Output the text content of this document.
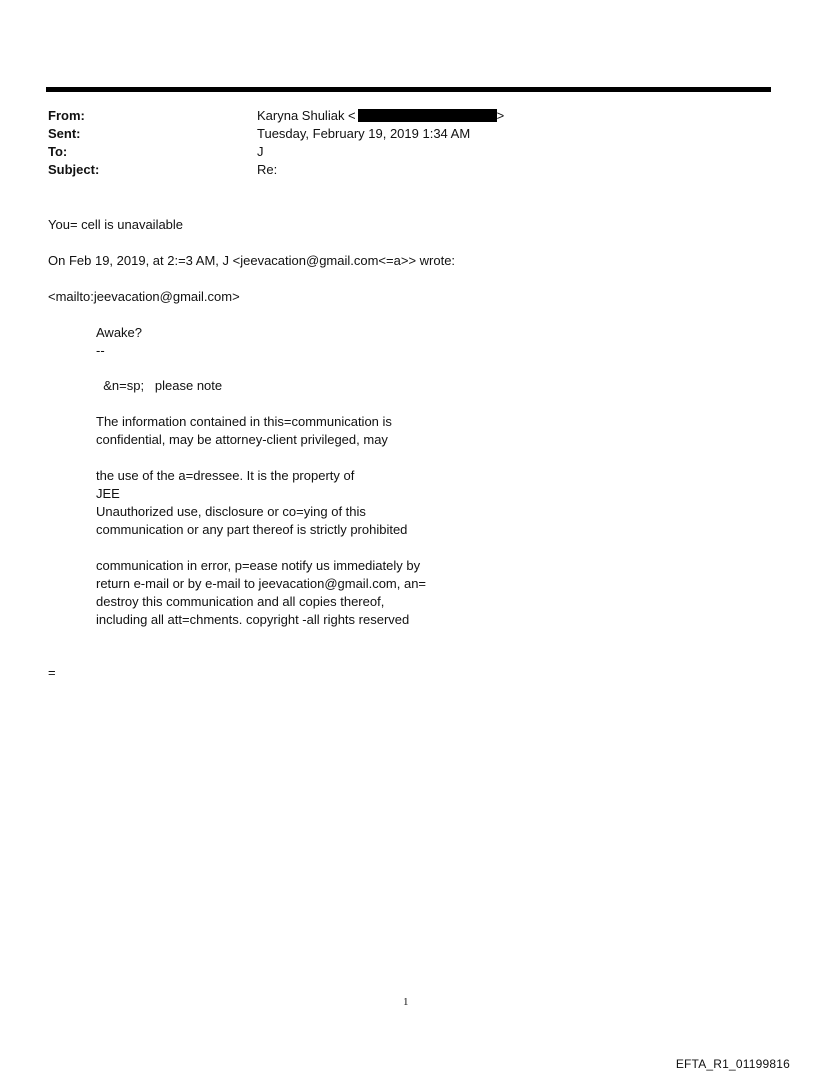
From:	Karyna Shuliak <	>
Sent:	Tuesday, February 19, 2019 1:34 AM
To:	J
Subject:	Re:
You= cell is unavailable
On Feb 19, 2019, at 2:=3 AM, J <jeevacation@gmail.com<=a>> wrote:
<mailto:jeevacation@gmail.com>
Awake?
--
&n=sp;   please note
The information contained in this=communication is
confidential, may be attorney-client privileged, may
the use of the a=dressee. It is the property of
JEE
Unauthorized use, disclosure or co=ying of this
communication or any part thereof is strictly prohibited
communication in error, p=ease notify us immediately by
return e-mail or by e-mail to jeevacation@gmail.com, an=
destroy this communication and all copies thereof,
including all att=chments. copyright -all rights reserved
=
1
EFTA_R1_01199816
